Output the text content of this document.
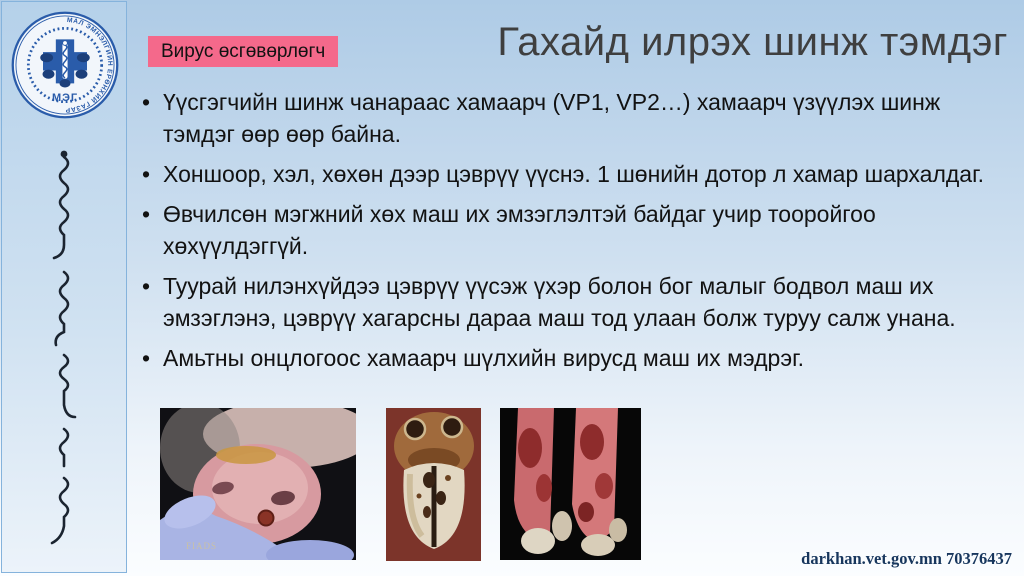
МАЛ ЭМНЭЛГИЙН ЕРӨНХИЙ ГАЗАР
МЭГ
Вирус өсгөвөрлөгч	Гахайд илрэх шинж тэмдэг
• Үүсгэгчийн шинж чанараас хамаарч (VP1, VP2…) хамаарч үзүүлэх шинж тэмдэг өөр өөр байна.
• Хоншоор, хэл, хөхөн дээр цэврүү үүснэ. 1 шөнийн дотор л хамар шархалдаг.
• Өвчилсөн мэгжний хөх маш их эмзэглэлтэй байдаг учир тооройгоо хөхүүлдэггүй.
• Туурай нилэнхүйдээ цэврүү үүсэж үхэр болон бог малыг бодвол маш их эмзэглэнэ, цэврүү хагарсны дараа маш тод улаан болж туруу салж унана.
• Амьтны онцлогоос хамаарч шүлхийн вирусд маш их мэдрэг.
FIADS
darkhan.vet.gov.mn 70376437
